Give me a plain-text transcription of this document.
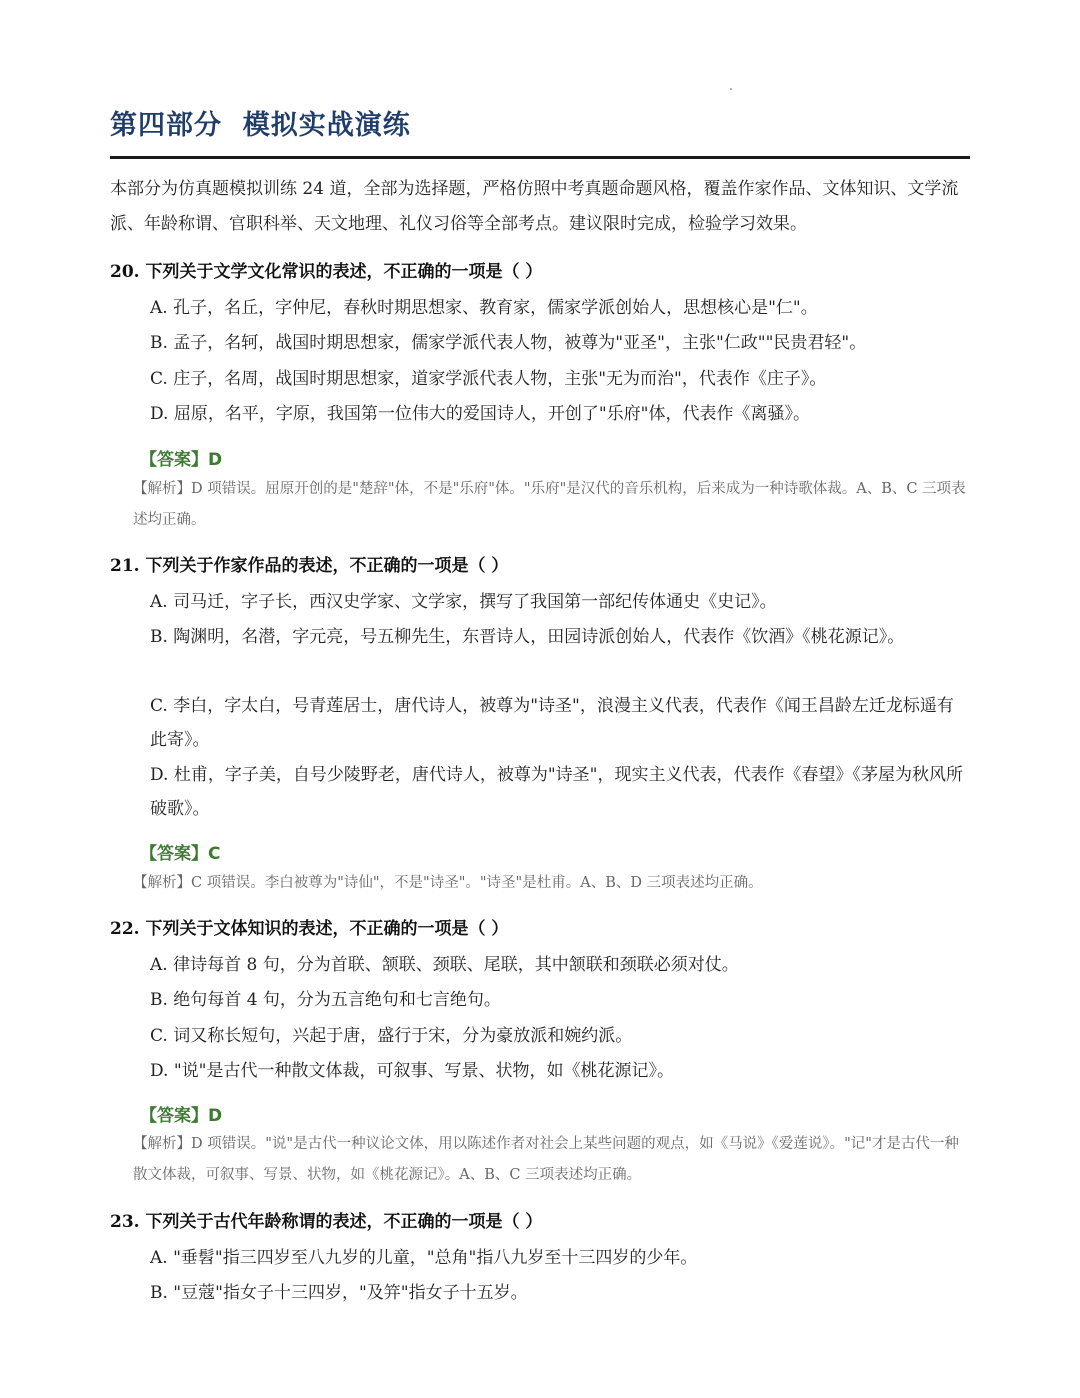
第四部分  模拟实战演练
本部分为仿真题模拟训练 24 道，全部为选择题，严格仿照中考真题命题风格，覆盖作家作品、文体知识、文学流派、年龄称谓、官职科举、天文地理、礼仪习俗等全部考点。建议限时完成，检验学习效果。
20. 下列关于文学文化常识的表述，不正确的一项是（ ）
A. 孔子，名丘，字仲尼，春秋时期思想家、教育家，儒家学派创始人，思想核心是"仁"。
B. 孟子，名轲，战国时期思想家，儒家学派代表人物，被尊为"亚圣"，主张"仁政""民贵君轻"。
C. 庄子，名周，战国时期思想家，道家学派代表人物，主张"无为而治"，代表作《庄子》。
D. 屈原，名平，字原，我国第一位伟大的爱国诗人，开创了"乐府"体，代表作《离骚》。
【答案】D
【解析】D 项错误。屈原开创的是"楚辞"体，不是"乐府"体。"乐府"是汉代的音乐机构，后来成为一种诗歌体裁。A、B、C 三项表述均正确。
21. 下列关于作家作品的表述，不正确的一项是（ ）
A. 司马迁，字子长，西汉史学家、文学家，撰写了我国第一部纪传体通史《史记》。
B. 陶渊明，名潜，字元亮，号五柳先生，东晋诗人，田园诗派创始人，代表作《饮酒》《桃花源记》。
C. 李白，字太白，号青莲居士，唐代诗人，被尊为"诗圣"，浪漫主义代表，代表作《闻王昌龄左迁龙标遥有此寄》。
D. 杜甫，字子美，自号少陵野老，唐代诗人，被尊为"诗圣"，现实主义代表，代表作《春望》《茅屋为秋风所破歌》。
【答案】C
【解析】C 项错误。李白被尊为"诗仙"，不是"诗圣"。"诗圣"是杜甫。A、B、D 三项表述均正确。
22. 下列关于文体知识的表述，不正确的一项是（ ）
A. 律诗每首 8 句，分为首联、颔联、颈联、尾联，其中颔联和颈联必须对仗。
B. 绝句每首 4 句，分为五言绝句和七言绝句。
C. 词又称长短句，兴起于唐，盛行于宋，分为豪放派和婉约派。
D. "说"是古代一种散文体裁，可叙事、写景、状物，如《桃花源记》。
【答案】D
【解析】D 项错误。"说"是古代一种议论文体，用以陈述作者对社会上某些问题的观点，如《马说》《爱莲说》。"记"才是古代一种散文体裁，可叙事、写景、状物，如《桃花源记》。A、B、C 三项表述均正确。
23. 下列关于古代年龄称谓的表述，不正确的一项是（ ）
A. "垂髫"指三四岁至八九岁的儿童，"总角"指八九岁至十三四岁的少年。
B. "豆蔻"指女子十三四岁，"及笄"指女子十五岁。
